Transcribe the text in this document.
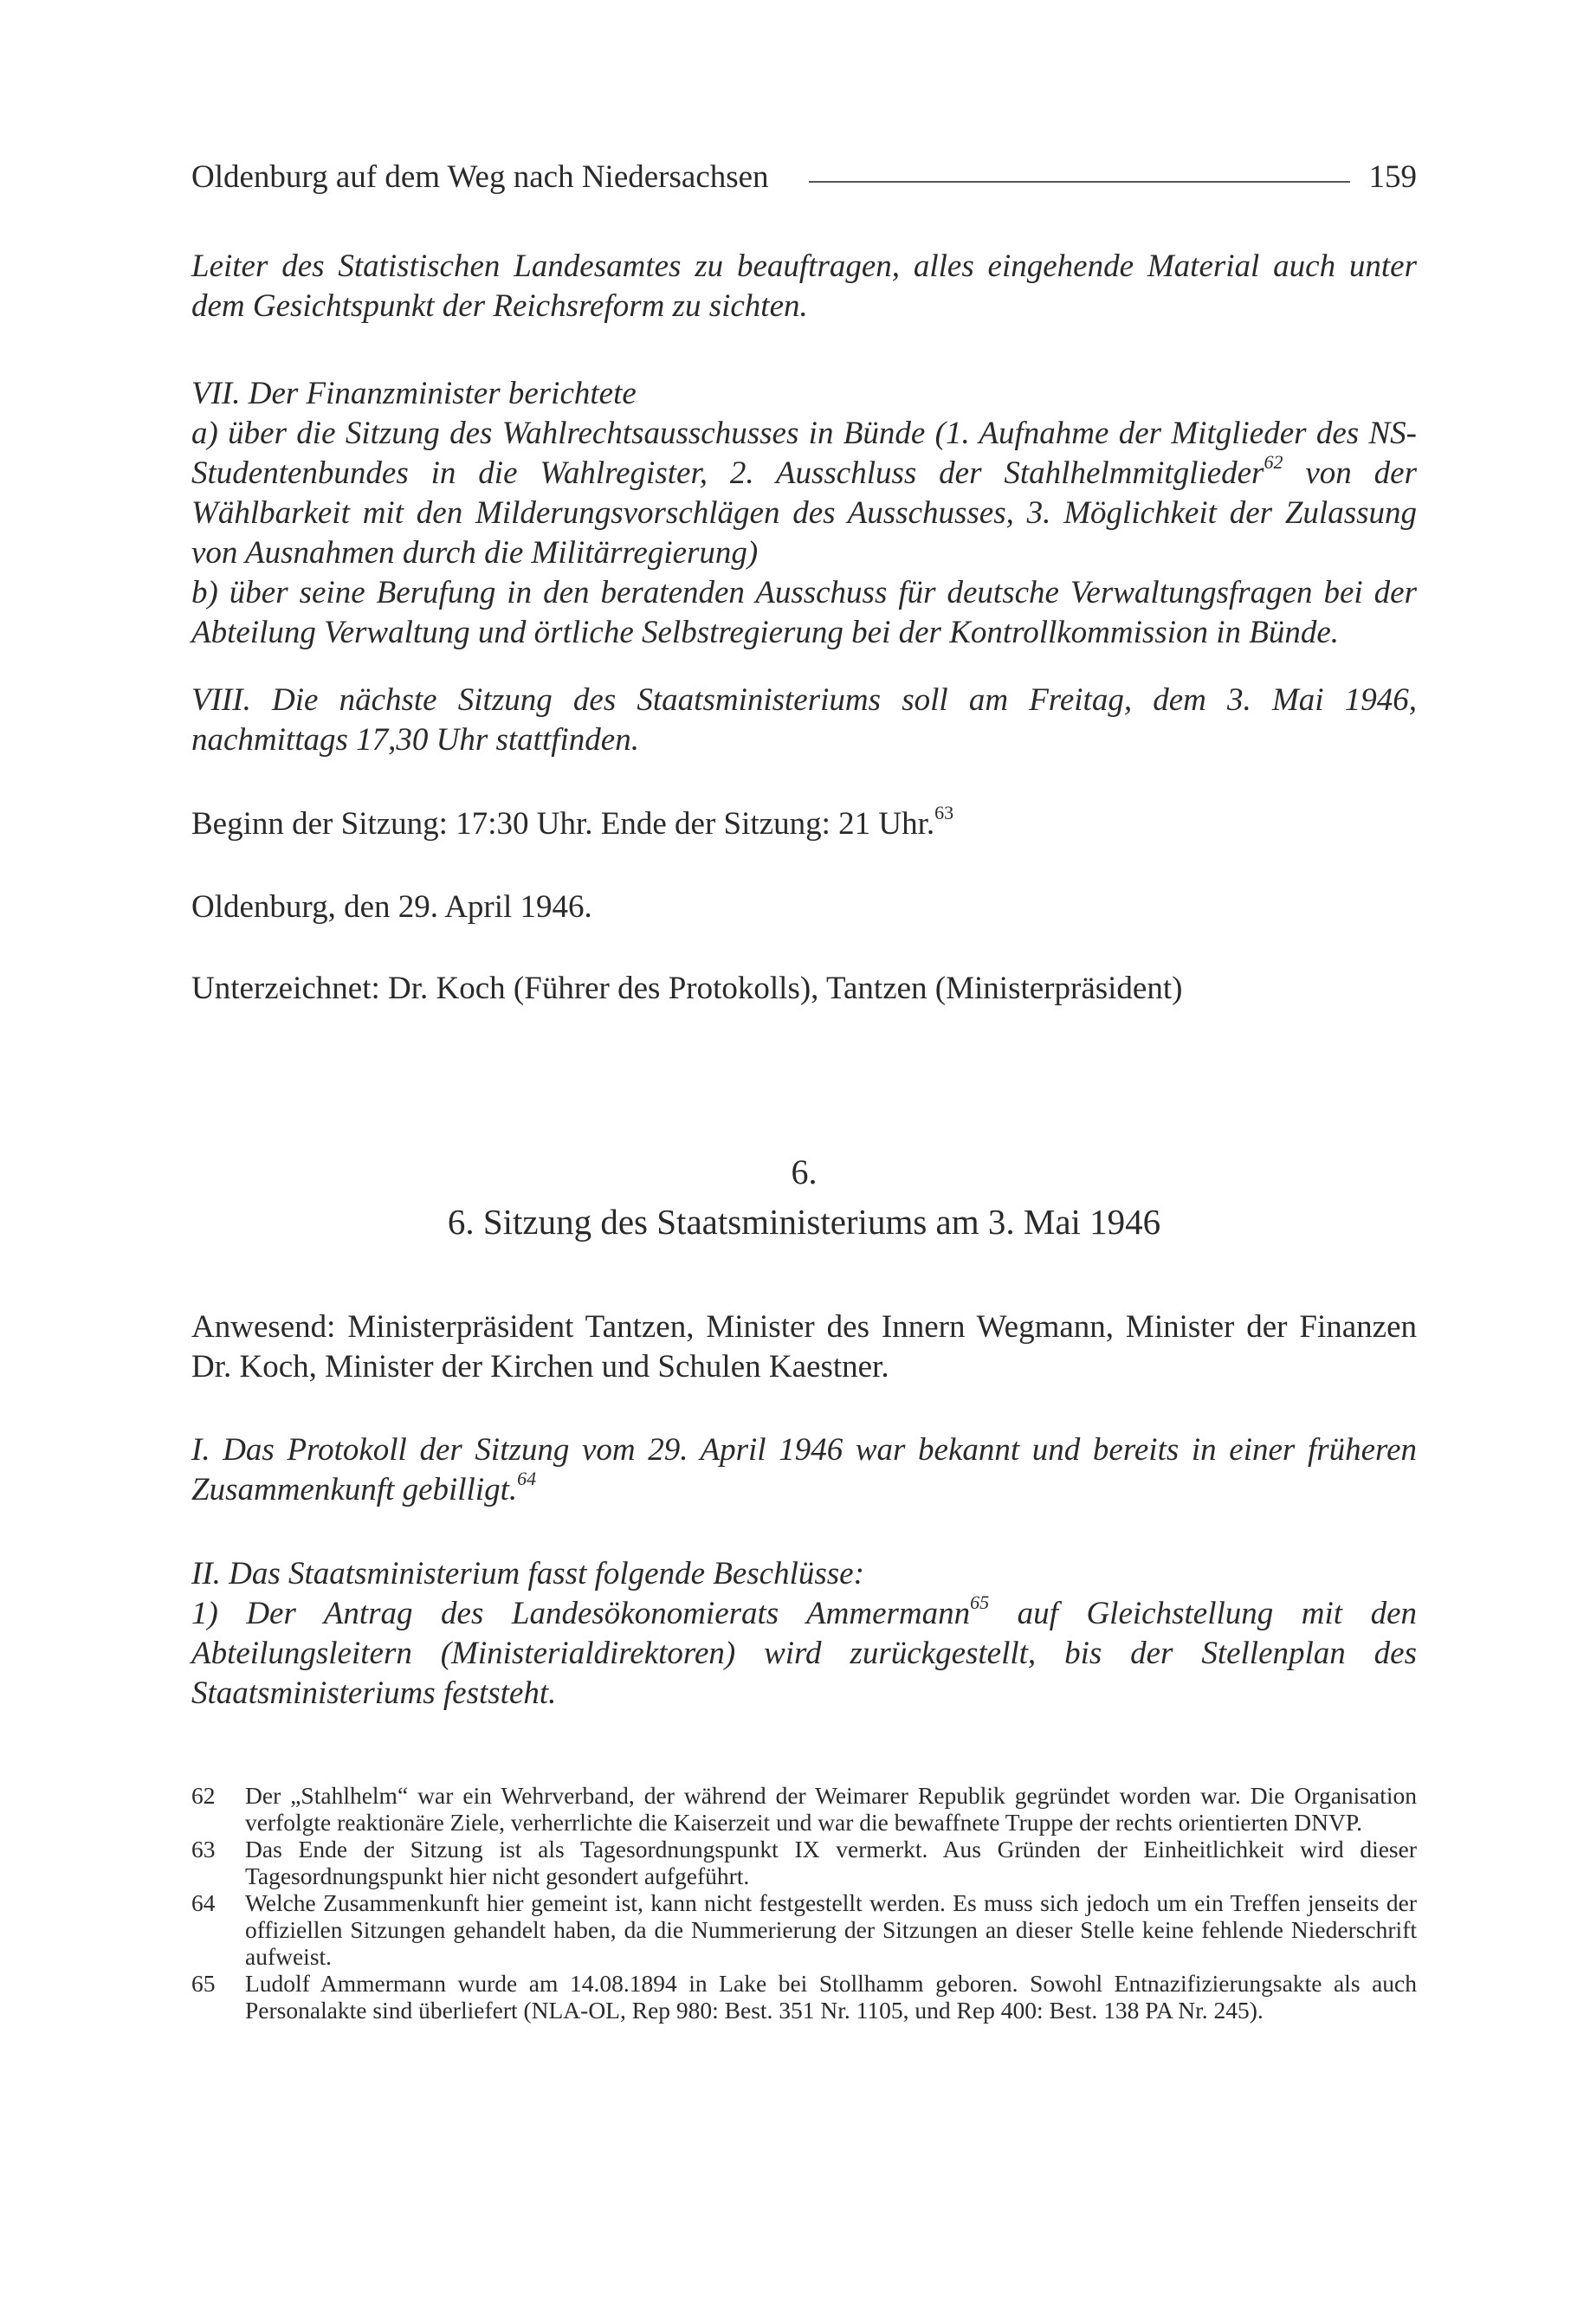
Oldenburg auf dem Weg nach Niedersachsen	159

Leiter des Statistischen Landesamtes zu beauftragen, alles eingehende Material auch unter dem Gesichtspunkt der Reichsreform zu sichten.

VII. Der Finanzminister berichtete
a) über die Sitzung des Wahlrechtsausschusses in Bünde (1. Aufnahme der Mitglieder des NS-Studentenbundes in die Wahlregister, 2. Ausschluss der Stahlhelmmitglieder$^{62}$ von der Wählbarkeit mit den Milderungsvorschlägen des Ausschusses, 3. Möglichkeit der Zulassung von Ausnahmen durch die Militärregierung)
b) über seine Berufung in den beratenden Ausschuss für deutsche Verwaltungsfragen bei der Abteilung Verwaltung und örtliche Selbstregierung bei der Kontrollkommission in Bünde.

VIII. Die nächste Sitzung des Staatsministeriums soll am Freitag, dem 3. Mai 1946, nachmittags 17,30 Uhr stattfinden.

Beginn der Sitzung: 17:30 Uhr. Ende der Sitzung: 21 Uhr.$^{63}$

Oldenburg, den 29. April 1946.

Unterzeichnet: Dr. Koch (Führer des Protokolls), Tantzen (Ministerpräsident)

6.
6. Sitzung des Staatsministeriums am 3. Mai 1946

Anwesend: Ministerpräsident Tantzen, Minister des Innern Wegmann, Minister der Finanzen Dr. Koch, Minister der Kirchen und Schulen Kaestner.

I. Das Protokoll der Sitzung vom 29. April 1946 war bekannt und bereits in einer früheren Zusammenkunft gebilligt.$^{64}$

II. Das Staatsministerium fasst folgende Beschlüsse:
1) Der Antrag des Landesökonomierats Ammermann$^{65}$ auf Gleichstellung mit den Abteilungsleitern (Ministerialdirektoren) wird zurückgestellt, bis der Stellenplan des Staatsministeriums feststeht.
62	Der „Stahlhelm“ war ein Wehrverband, der während der Weimarer Republik gegründet worden war. Die Organisation verfolgte reaktionäre Ziele, verherrlichte die Kaiserzeit und war die bewaffnete Truppe der rechts orientierten DNVP.
63	Das Ende der Sitzung ist als Tagesordnungspunkt IX vermerkt. Aus Gründen der Einheitlichkeit wird dieser Tagesordnungspunkt hier nicht gesondert aufgeführt.
64	Welche Zusammenkunft hier gemeint ist, kann nicht festgestellt werden. Es muss sich jedoch um ein Treffen jenseits der offiziellen Sitzungen gehandelt haben, da die Nummerierung der Sitzungen an dieser Stelle keine fehlende Niederschrift aufweist.
65	Ludolf Ammermann wurde am 14.08.1894 in Lake bei Stollhamm geboren. Sowohl Entnazifizierungsakte als auch Personalakte sind überliefert (NLA-OL, Rep 980: Best. 351 Nr. 1105, und Rep 400: Best. 138 PA Nr. 245).
